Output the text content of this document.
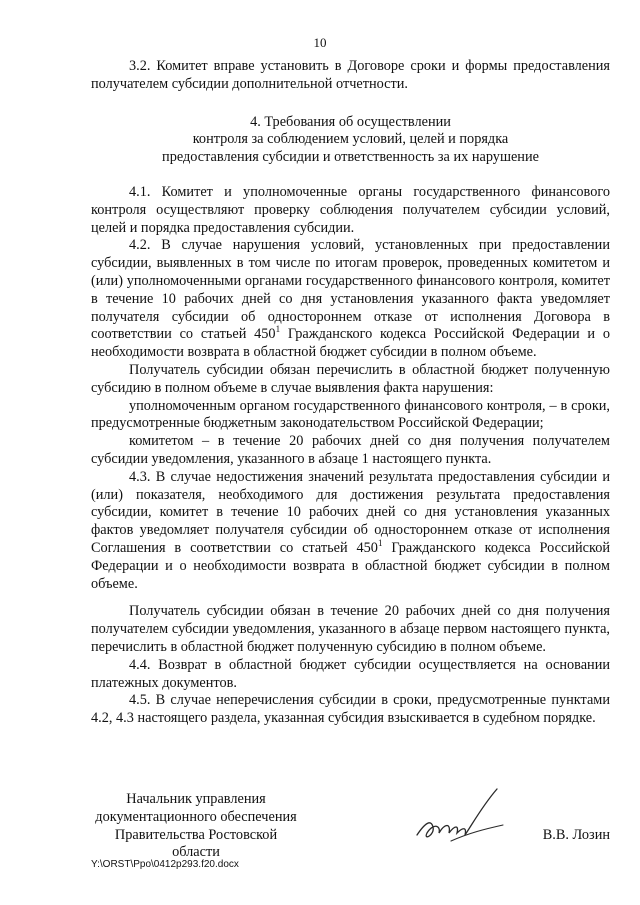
10

3.2. Комитет вправе установить в Договоре сроки и формы предоставления получателем субсидии дополнительной отчетности.

4. Требования об осуществлении
контроля за соблюдением условий, целей и порядка
предоставления субсидии и ответственность за их нарушение

4.1. Комитет и уполномоченные органы государственного финансового контроля осуществляют проверку соблюдения получателем субсидии условий, целей и порядка предоставления субсидии.

4.2. В случае нарушения условий, установленных при предоставлении субсидии, выявленных в том числе по итогам проверок, проведенных комитетом и (или) уполномоченными органами государственного финансового контроля, комитет в течение 10 рабочих дней со дня установления указанного факта уведомляет получателя субсидии об одностороннем отказе от исполнения Договора в соответствии со статьей $450^1$ Гражданского кодекса Российской Федерации и о необходимости возврата в областной бюджет субсидии в полном объеме.

Получатель субсидии обязан перечислить в областной бюджет полученную субсидию в полном объеме в случае выявления факта нарушения:

уполномоченным органом государственного финансового контроля, – в сроки, предусмотренные бюджетным законодательством Российской Федерации;

комитетом – в течение 20 рабочих дней со дня получения получателем субсидии уведомления, указанного в абзаце 1 настоящего пункта.

4.3. В случае недостижения значений результата предоставления субсидии и (или) показателя, необходимого для достижения результата предоставления субсидии, комитет в течение 10 рабочих дней со дня установления указанных фактов уведомляет получателя субсидии об одностороннем отказе от исполнения Соглашения в соответствии со статьей $450^1$ Гражданского кодекса Российской Федерации и о необходимости возврата в областной бюджет субсидии в полном объеме.

Получатель субсидии обязан в течение 20 рабочих дней со дня получения получателем субсидии уведомления, указанного в абзаце первом настоящего пункта, перечислить в областной бюджет полученную субсидию в полном объеме.

4.4. Возврат в областной бюджет субсидии осуществляется на основании платежных документов.

4.5. В случае неперечисления субсидии в сроки, предусмотренные пунктами 4.2, 4.3 настоящего раздела, указанная субсидия взыскивается в судебном порядке.

Начальник управления
документационного обеспечения
Правительства Ростовской области
В.В. Лозин
Y:\ORST\Ppo\0412p293.f20.docx
